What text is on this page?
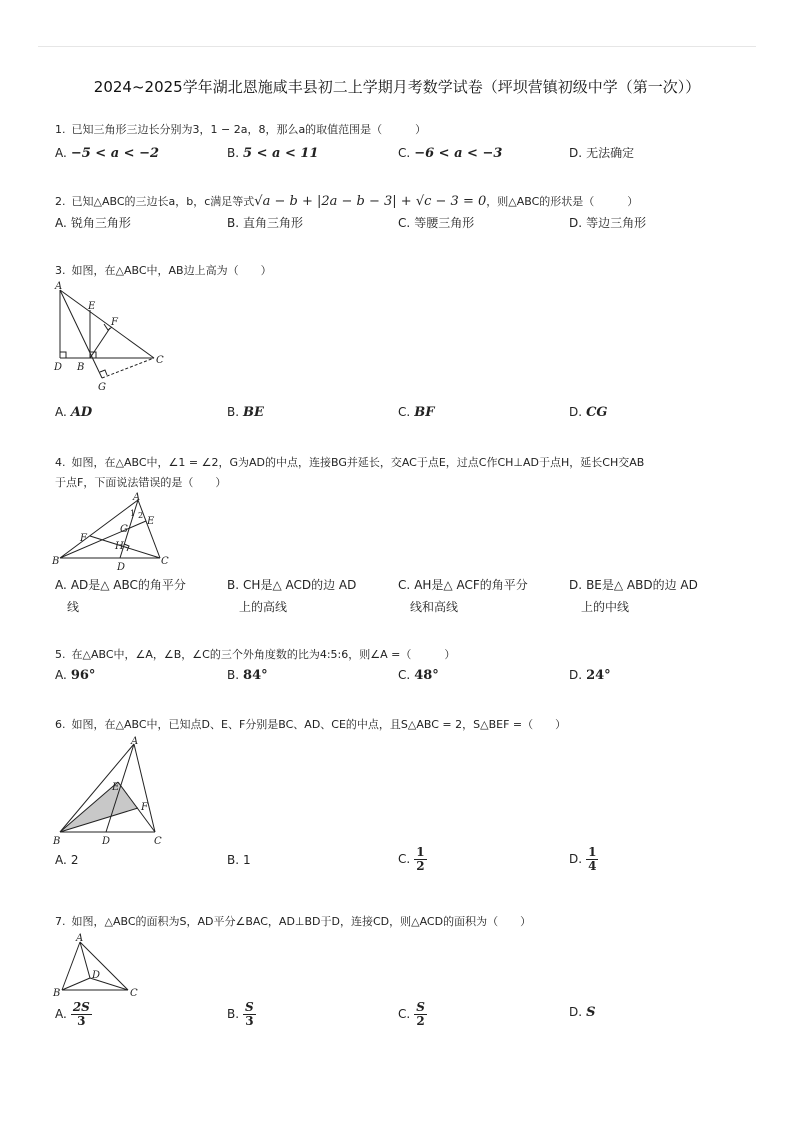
2024~2025学年湖北恩施咸丰县初二上学期月考数学试卷（坪坝营镇初级中学（第一次））
1. 已知三角形三边长分别为3，1 − 2a，8，那么a的取值范围是（　　　）
A. −5 < a < −2	B. 5 < a < 11	C. −6 < a < −3	D. 无法确定
2. 已知△ABC的三边长a，b，c满足等式√a − b + |2a − b − 3| + √c − 3 = 0，则△ABC的形状是（　　　）
A. 锐角三角形	B. 直角三角形	C. 等腰三角形	D. 等边三角形
3. 如图，在△ABC中，AB边上高为（　　）
A
E
F
D B
C
G
A. AD	B. BE	C. BF	D. CG
4. 如图，在△ABC中，∠1 = ∠2，G为AD的中点，连接BG并延长，交AC于点E，过点C作CH⊥AD于点H，延长CH交AB
于点F，下面说法错误的是（　　）
A
1 2
G
E
F
H
B
D
C
A. AD是△ ABC的角平分
线
B. CH是△ ACD的边 AD
上的高线
C. AH是△ ACF的角平分
线和高线
D. BE是△ ABD的边 AD
上的中线
5. 在△ABC中，∠A，∠B，∠C的三个外角度数的比为4:5:6，则∠A =（　　　）
A. 96°	B. 84°	C. 48°	D. 24°
6. 如图，在△ABC中，已知点D、E、F分别是BC、AD、CE的中点，且S△ABC = 2，S△BEF =（　　）
A
E
F
B	D	C
A. 2	B. 1	C. $\frac{1}{2}$	D. $\frac{1}{4}$
7. 如图，△ABC的面积为S，AD平分∠BAC，AD⊥BD于D，连接CD，则△ACD的面积为（　　）
A
D
B	C
A. $\frac{2S}{3}$	B. $\frac{S}{3}$	C. $\frac{S}{2}$	D. S
